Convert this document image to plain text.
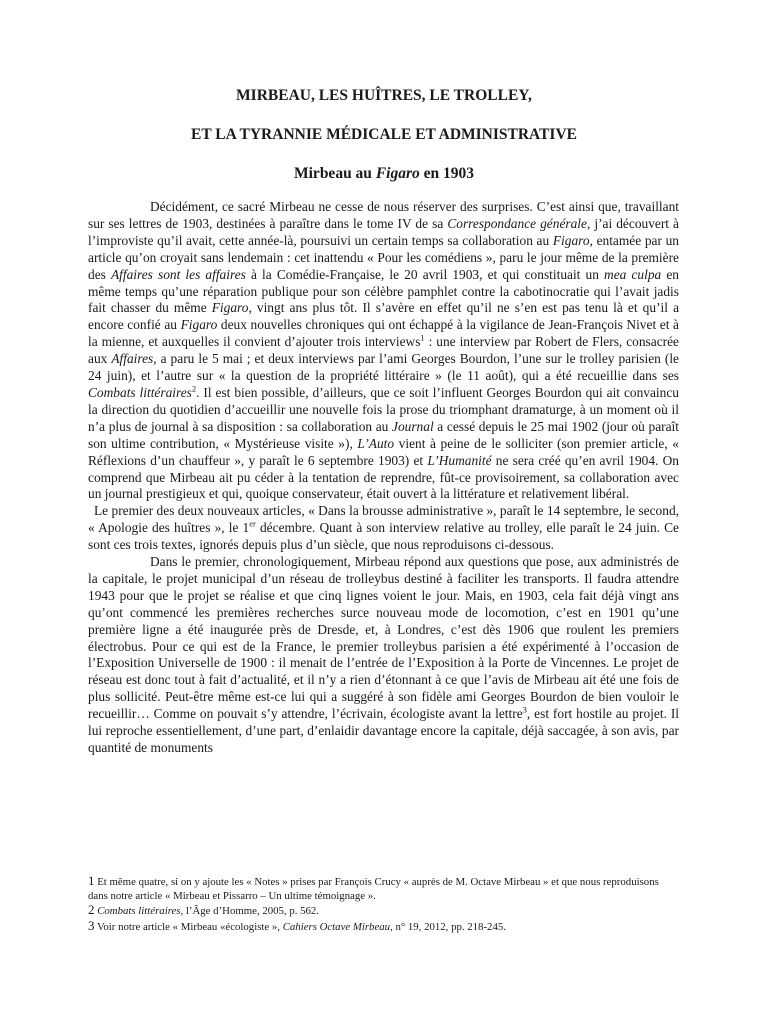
MIRBEAU, LES HUÎTRES, LE TROLLEY,
ET LA TYRANNIE MÉDICALE ET ADMINISTRATIVE
Mirbeau au Figaro en 1903

Décidément, ce sacré Mirbeau ne cesse de nous réserver des surprises. C’est ainsi que, travaillant sur ses lettres de 1903, destinées à paraître dans le tome IV de sa Correspondance générale, j’ai découvert à l’improviste qu’il avait, cette année-là, poursuivi un certain temps sa collaboration au Figaro, entamée par un article qu’on croyait sans lendemain : cet inattendu « Pour les comédiens », paru le jour même de la première des Affaires sont les affaires à la Comédie-Française, le 20 avril 1903, et qui constituait un mea culpa en même temps qu’une réparation publique pour son célèbre pamphlet contre la cabotinocratie qui l’avait jadis fait chasser du même Figaro, vingt ans plus tôt. Il s’avère en effet qu’il ne s’en est pas tenu là et qu’il a encore confié au Figaro deux nouvelles chroniques qui ont échappé à la vigilance de Jean-François Nivet et à la mienne, et auxquelles il convient d’ajouter trois interviews$^1$ : une interview par Robert de Flers, consacrée aux Affaires, a paru le 5 mai ; et deux interviews par l’ami Georges Bourdon, l’une sur le trolley parisien (le 24 juin), et l’autre sur « la question de la propriété littéraire » (le 11 août), qui a été recueillie dans ses Combats littéraires$^2$. Il est bien possible, d’ailleurs, que ce soit l’influent Georges Bourdon qui ait convaincu la direction du quotidien d’accueillir une nouvelle fois la prose du triomphant dramaturge, à un moment où il n’a plus de journal à sa disposition : sa collaboration au Journal a cessé depuis le 25 mai 1902 (jour où paraît son ultime contribution, « Mystérieuse visite »), L’Auto vient à peine de le solliciter (son premier article, « Réflexions d’un chauffeur », y paraît le 6 septembre 1903) et L’Humanité ne sera créé qu’en avril 1904. On comprend que Mirbeau ait pu céder à la tentation de reprendre, fût-ce provisoirement, sa collaboration avec un journal prestigieux et qui, quoique conservateur, était ouvert à la littérature et relativement libéral.

Le premier des deux nouveaux articles, « Dans la brousse administrative », paraît le 14 septembre, le second, « Apologie des huîtres », le 1er décembre. Quant à son interview relative au trolley, elle paraît le 24 juin. Ce sont ces trois textes, ignorés depuis plus d’un siècle, que nous reproduisons ci-dessous.

Dans le premier, chronologiquement, Mirbeau répond aux questions que pose, aux administrés de la capitale, le projet municipal d’un réseau de trolleybus destiné à faciliter les transports. Il faudra attendre 1943 pour que le projet se réalise et que cinq lignes voient le jour. Mais, en 1903, cela fait déjà vingt ans qu’ont commencé les premières recherches surce nouveau mode de locomotion, c’est en 1901 qu’une première ligne a été inaugurée près de Dresde, et, à Londres, c’est dès 1906 que roulent les premiers électrobus. Pour ce qui est de la France, le premier trolleybus parisien a été expérimenté à l’occasion de l’Exposition Universelle de 1900 : il menait de l’entrée de l’Exposition à la Porte de Vincennes. Le projet de réseau est donc tout à fait d’actualité, et il n’y a rien d’étonnant à ce que l’avis de Mirbeau ait été une fois de plus sollicité. Peut-être même est-ce lui qui a suggéré à son fidèle ami Georges Bourdon de bien vouloir le recueillir… Comme on pouvait s’y attendre, l’écrivain, écologiste avant la lettre$^3$, est fort hostile au projet. Il lui reproche essentiellement, d’une part, d’enlaidir davantage encore la capitale, déjà saccagée, à son avis, par quantité de monuments

1 Et même quatre, si on y ajoute les « Notes » prises par François Crucy « auprès de M. Octave Mirbeau » et que nous reproduisons dans notre article « Mirbeau et Pissarro – Un ultime témoignage ».

2 Combats littéraires, l’Âge d’Homme, 2005, p. 562.

3 Voir notre article « Mirbeau «écologiste », Cahiers Octave Mirbeau, n° 19, 2012, pp. 218-245.
